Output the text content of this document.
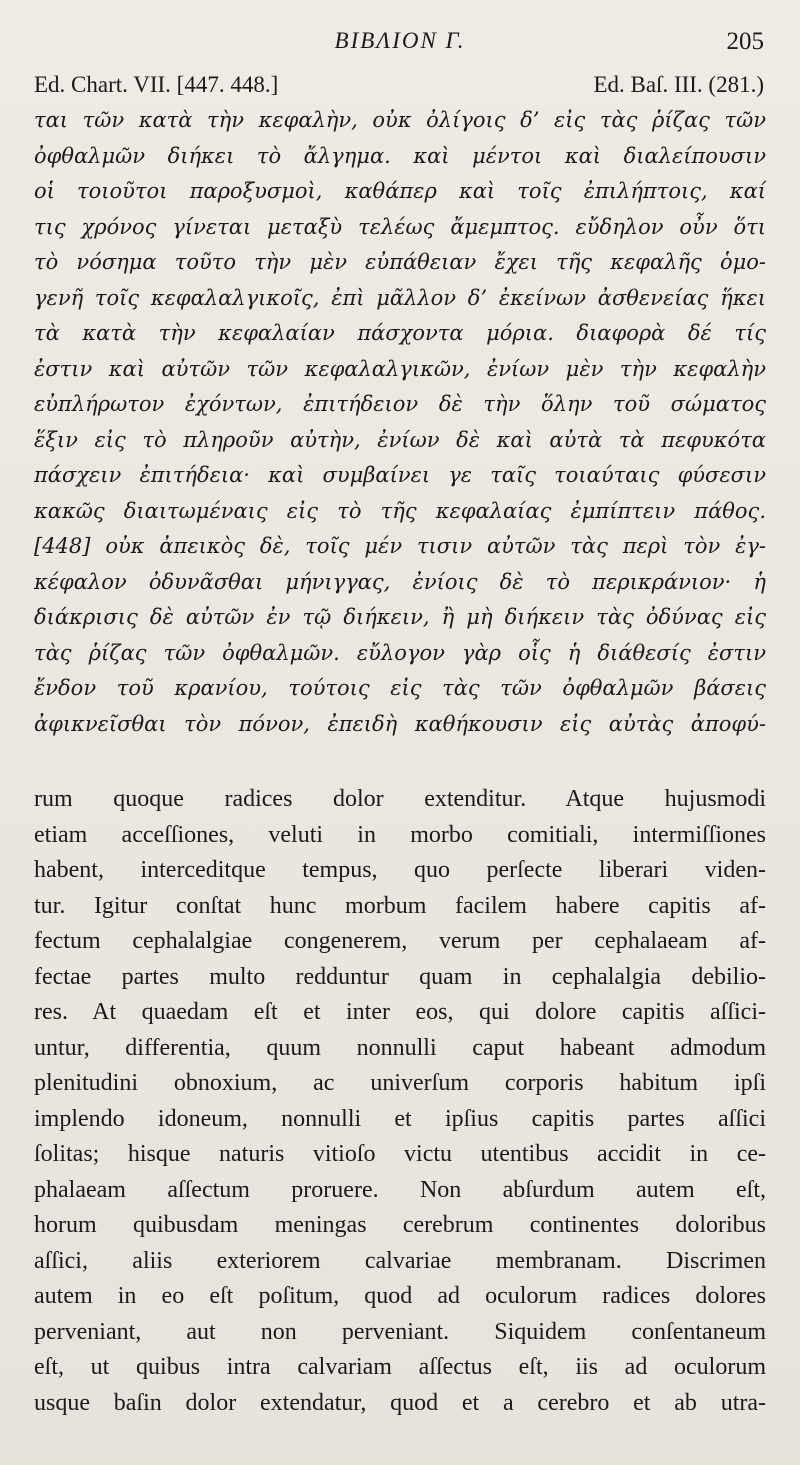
BIBΛION Γ.	205
Ed. Chart. VII. [447. 448.]	Ed. Baſ. III. (281.)
ται τῶν κατὰ τὴν κεφαλὴν, οὐκ ὀλίγοις δ’ εἰς τὰς ῥίζας τῶν
ὀφθαλμῶν διήκει τὸ ἄλγημα. καὶ μέντοι καὶ διαλείπουσιν
οἱ τοιοῦτοι παροξυσμοὶ, καθάπερ καὶ τοῖς ἐπιλήπτοις, καί
τις χρόνος γίνεται μεταξὺ τελέως ἄμεμπτος. εὔδηλον οὖν ὅτι
τὸ νόσημα τοῦτο τὴν μὲν εὐπάθειαν ἔχει τῆς κεφαλῆς ὁμο-
γενῆ τοῖς κεφαλαλγικοῖς, ἐπὶ μᾶλλον δ’ ἐκείνων ἀσθενείας ἥκει
τὰ κατὰ τὴν κεφαλαίαν πάσχοντα μόρια. διαφορὰ δέ τίς
ἐστιν καὶ αὐτῶν τῶν κεφαλαλγικῶν, ἐνίων μὲν τὴν κεφαλὴν
εὐπλήρωτον ἐχόντων, ἐπιτήδειον δὲ τὴν ὅλην τοῦ σώματος
ἕξιν εἰς τὸ πληροῦν αὐτὴν, ἐνίων δὲ καὶ αὐτὰ τὰ πεφυκότα
πάσχειν ἐπιτήδεια· καὶ συμβαίνει γε ταῖς τοιαύταις φύσεσιν
κακῶς διαιτωμέναις εἰς τὸ τῆς κεφαλαίας ἐμπίπτειν πάθος.
[448] οὐκ ἀπεικὸς δὲ, τοῖς μέν τισιν αὐτῶν τὰς περὶ τὸν ἐγ-
κέφαλον ὀδυνᾶσθαι μήνιγγας, ἐνίοις δὲ τὸ περικράνιον· ἡ
διάκρισις δὲ αὐτῶν ἐν τῷ διήκειν, ἢ μὴ διήκειν τὰς ὀδύνας εἰς
τὰς ῥίζας τῶν ὀφθαλμῶν. εὔλογον γὰρ οἷς ἡ διάθεσίς ἐστιν
ἔνδον τοῦ κρανίου, τούτοις εἰς τὰς τῶν ὀφθαλμῶν βάσεις
ἀφικνεῖσθαι τὸν πόνον, ἐπειδὴ καθήκουσιν εἰς αὐτὰς ἀποφύ-
rum quoque radices dolor extenditur. Atque hujusmodi
etiam acceſſiones, veluti in morbo comitiali, intermiſſiones
habent, interceditque tempus, quo perſecte liberari viden-
tur. Igitur conſtat hunc morbum facilem habere capitis af-
fectum cephalalgiae congenerem, verum per cephalaeam af-
fectae partes multo redduntur quam in cephalalgia debilio-
res. At quaedam eſt et inter eos, qui dolore capitis aſſici-
untur, differentia, quum nonnulli caput habeant admodum
plenitudini obnoxium, ac univerſum corporis habitum ipſi
implendo idoneum, nonnulli et ipſius capitis partes aſſici
ſolitas; hisque naturis vitioſo victu utentibus accidit in ce-
phalaeam aſſectum proruere. Non abſurdum autem eſt,
horum quibusdam meningas cerebrum continentes doloribus
aſſici, aliis exteriorem calvariae membranam. Discrimen
autem in eo eſt poſitum, quod ad oculorum radices dolores
perveniant, aut non perveniant. Siquidem conſentaneum
eſt, ut quibus intra calvariam aſſectus eſt, iis ad oculorum
usque baſin dolor extendatur, quod et a cerebro et ab utra-
